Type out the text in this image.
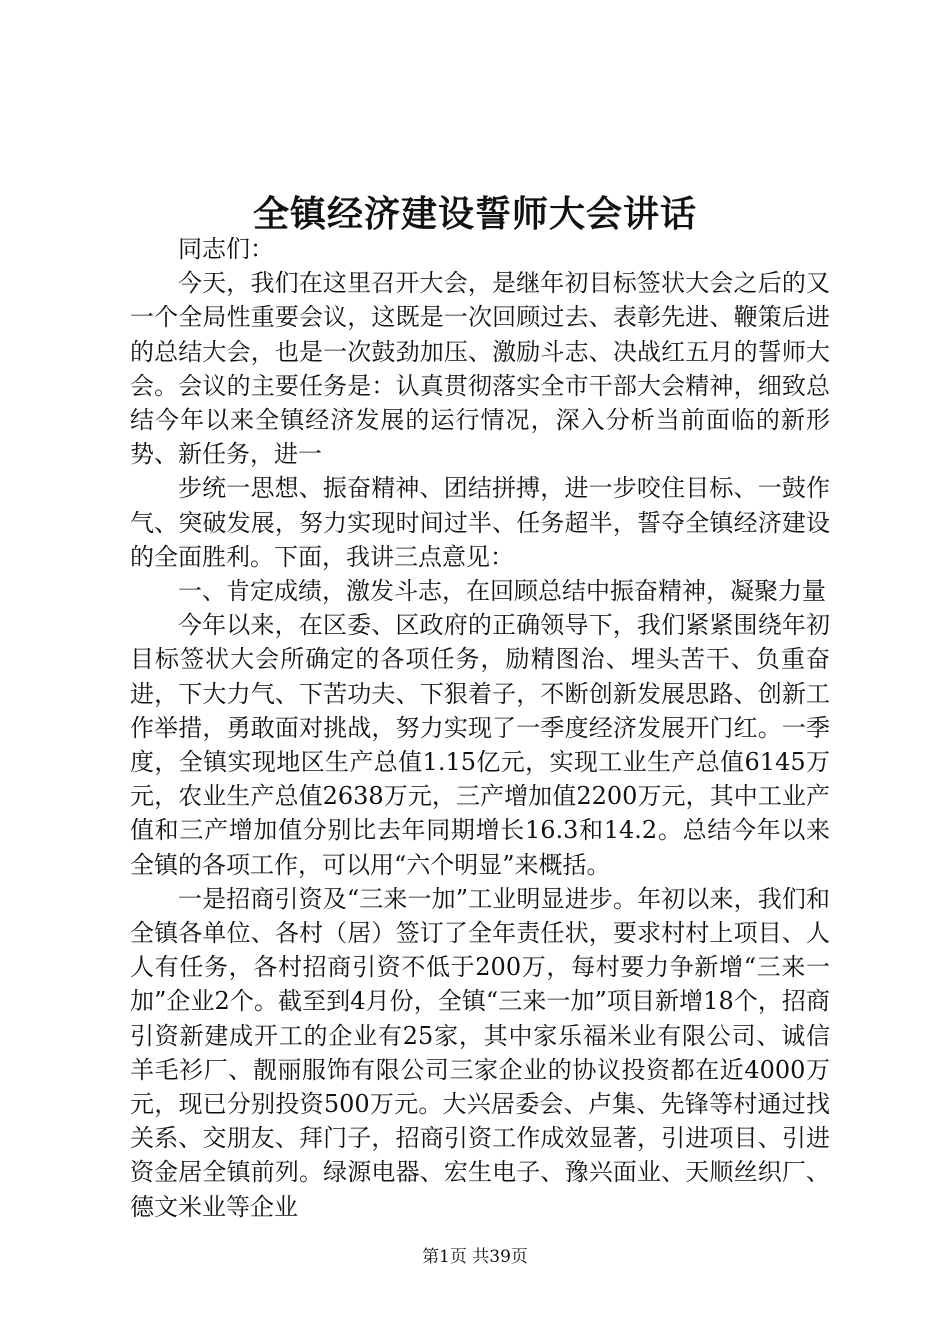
全镇经济建设誓师大会讲话

同志们：

今天，我们在这里召开大会，是继年初目标签状大会之后的又一个全局性重要会议，这既是一次回顾过去、表彰先进、鞭策后进的总结大会，也是一次鼓劲加压、激励斗志、决战红五月的誓师大会。会议的主要任务是：认真贯彻落实全市干部大会精神，细致总结今年以来全镇经济发展的运行情况，深入分析当前面临的新形势、新任务，进一

步统一思想、振奋精神、团结拼搏，进一步咬住目标、一鼓作气、突破发展，努力实现时间过半、任务超半，誓夺全镇经济建设的全面胜利。下面，我讲三点意见：

一、肯定成绩，激发斗志，在回顾总结中振奋精神，凝聚力量

今年以来，在区委、区政府的正确领导下，我们紧紧围绕年初目标签状大会所确定的各项任务，励精图治、埋头苦干、负重奋进，下大力气、下苦功夫、下狠着子，不断创新发展思路、创新工作举措，勇敢面对挑战，努力实现了一季度经济发展开门红。一季度，全镇实现地区生产总值1.15亿元，实现工业生产总值6145万元，农业生产总值2638万元，三产增加值2200万元，其中工业产值和三产增加值分别比去年同期增长16.3和14.2。总结今年以来全镇的各项工作，可以用“六个明显”来概括。

一是招商引资及“三来一加”工业明显进步。年初以来，我们和全镇各单位、各村（居）签订了全年责任状，要求村村上项目、人人有任务，各村招商引资不低于200万，每村要力争新增“三来一加”企业2个。截至到4月份，全镇“三来一加”项目新增18个，招商引资新建成开工的企业有25家，其中家乐福米业有限公司、诚信羊毛衫厂、靓丽服饰有限公司三家企业的协议投资都在近4000万元，现已分别投资500万元。大兴居委会、卢集、先锋等村通过找关系、交朋友、拜门子，招商引资工作成效显著，引进项目、引进资金居全镇前列。绿源电器、宏生电子、豫兴面业、天顺丝织厂、德文米业等企业

第1页 共39页
